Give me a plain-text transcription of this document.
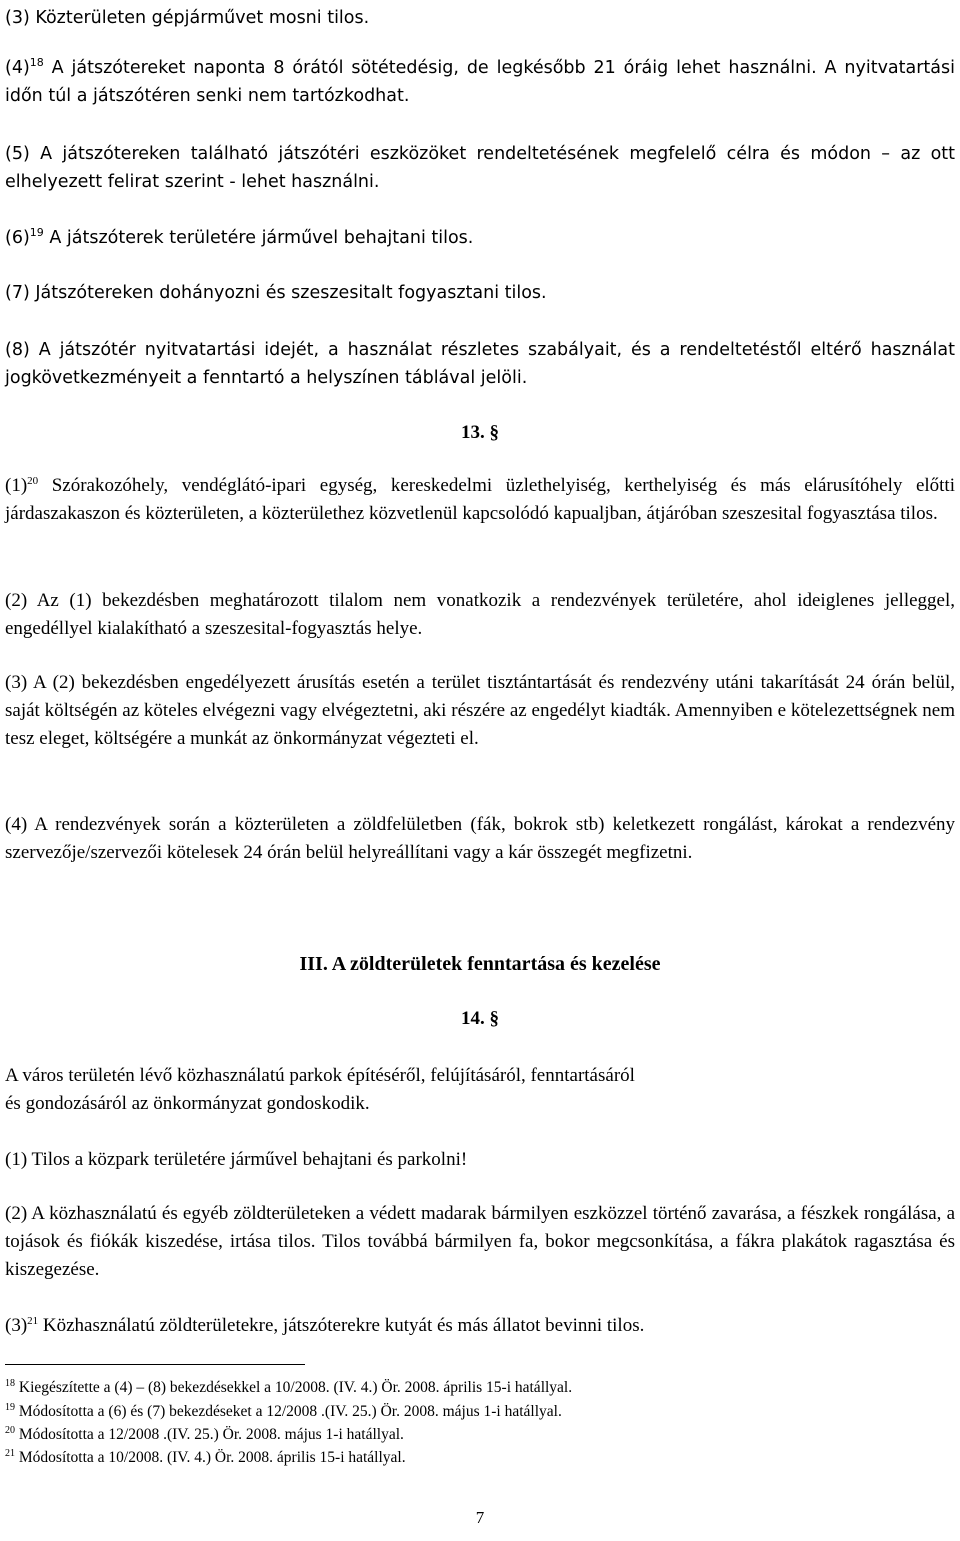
(3) Közterületen gépjárművet mosni tilos.

$(4)^{18}$ A játszótereket naponta 8 órától sötétedésig, de legkésőbb 21 óráig lehet használni. A nyitvatartási időn túl a játszótéren senki nem tartózkodhat.

(5) A játszótereken található játszótéri eszközöket rendeltetésének megfelelő célra és módon – az ott elhelyezett felirat szerint - lehet használni.

$(6)^{19}$ A játszóterek területére járművel behajtani tilos.

(7) Játszótereken dohányozni és szeszesitalt fogyasztani tilos.

(8) A játszótér nyitvatartási idejét, a használat részletes szabályait, és a rendeltetéstől eltérő használat jogkövetkezményeit a fenntartó a helyszínen táblával jelöli.

13. §

$(1)^{20}$ Szórakozóhely, vendéglátó-ipari egység, kereskedelmi üzlethelyiség, kerthelyiség és más elárusítóhely előtti járdaszakaszon és közterületen, a közterülethez közvetlenül kapcsolódó kapualjban, átjáróban szeszesital fogyasztása tilos.

(2) Az (1) bekezdésben meghatározott tilalom nem vonatkozik a rendezvények területére, ahol ideiglenes jelleggel, engedéllyel kialakítható a szeszesital-fogyasztás helye.

(3) A (2) bekezdésben engedélyezett árusítás esetén a terület tisztántartását és rendezvény utáni takarítását 24 órán belül, saját költségén az köteles elvégezni vagy elvégeztetni, aki részére az engedélyt kiadták. Amennyiben e kötelezettségnek nem tesz eleget, költségére a munkát az önkormányzat végezteti el.

(4) A rendezvények során a közterületen a zöldfelületben (fák, bokrok stb) keletkezett rongálást, károkat a rendezvény szervezője/szervezői kötelesek 24 órán belül helyreállítani vagy a kár összegét megfizetni.

III. A zöldterületek fenntartása és kezelése

14. §

A város területén lévő közhasználatú parkok építéséről, felújításáról, fenntartásáról
és gondozásáról az önkormányzat gondoskodik.

(1) Tilos a közpark területére járművel behajtani és parkolni!

(2) A közhasználatú és egyéb zöldterületeken a védett madarak bármilyen eszközzel történő zavarása, a fészkek rongálása, a tojások és fiókák kiszedése, irtása tilos. Tilos továbbá bármilyen fa, bokor megcsonkítása, a fákra plakátok ragasztása és kiszegezése.

$(3)^{21}$ Közhasználatú zöldterületekre, játszóterekre kutyát és más állatot bevinni tilos.

$^{18}$ Kiegészítette a (4) – (8) bekezdésekkel a 10/2008. (IV. 4.) Ör. 2008. április 15-i hatállyal.

$^{19}$ Módosította a (6) és (7) bekezdéseket a 12/2008 .(IV. 25.) Ör. 2008. május 1-i hatállyal.

$^{20}$ Módosította a 12/2008 .(IV. 25.) Ör. 2008. május 1-i hatállyal.

$^{21}$ Módosította a 10/2008. (IV. 4.) Ör. 2008. április 15-i hatállyal.

7
